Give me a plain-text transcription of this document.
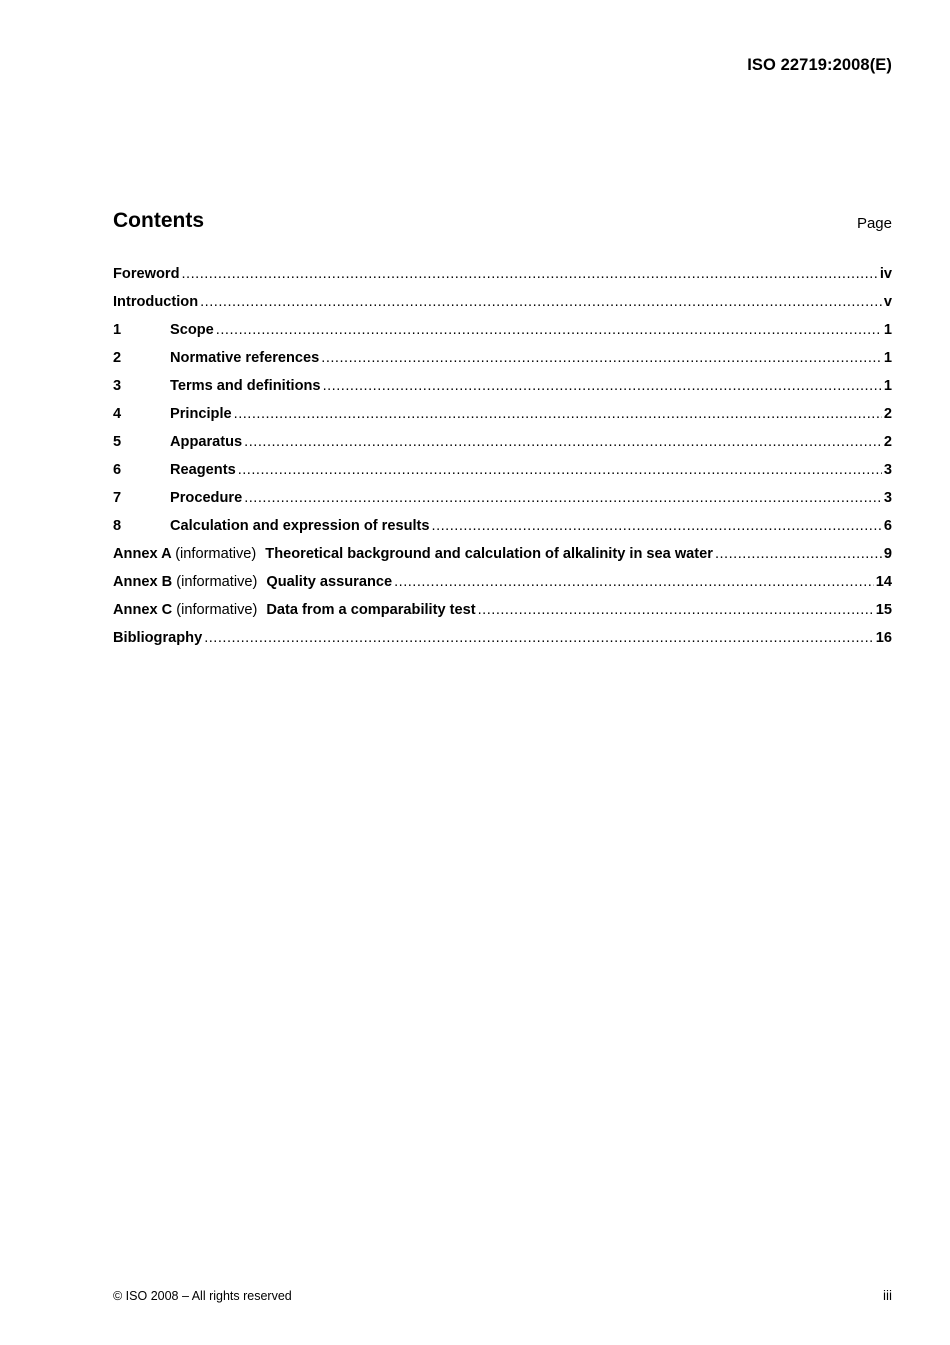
ISO 22719:2008(E)
Contents	Page
Foreword .....	iv
Introduction .....	v
1	Scope .....	1
2	Normative references .....	1
3	Terms and definitions .....	1
4	Principle .....	2
5	Apparatus .....	2
6	Reagents .....	3
7	Procedure .....	3
8	Calculation and expression of results .....	6
Annex A (informative) Theoretical background and calculation of alkalinity in sea water .....	9
Annex B (informative) Quality assurance .....	14
Annex C (informative) Data from a comparability test .....	15
Bibliography .....	16
© ISO 2008 – All rights reserved	iii
